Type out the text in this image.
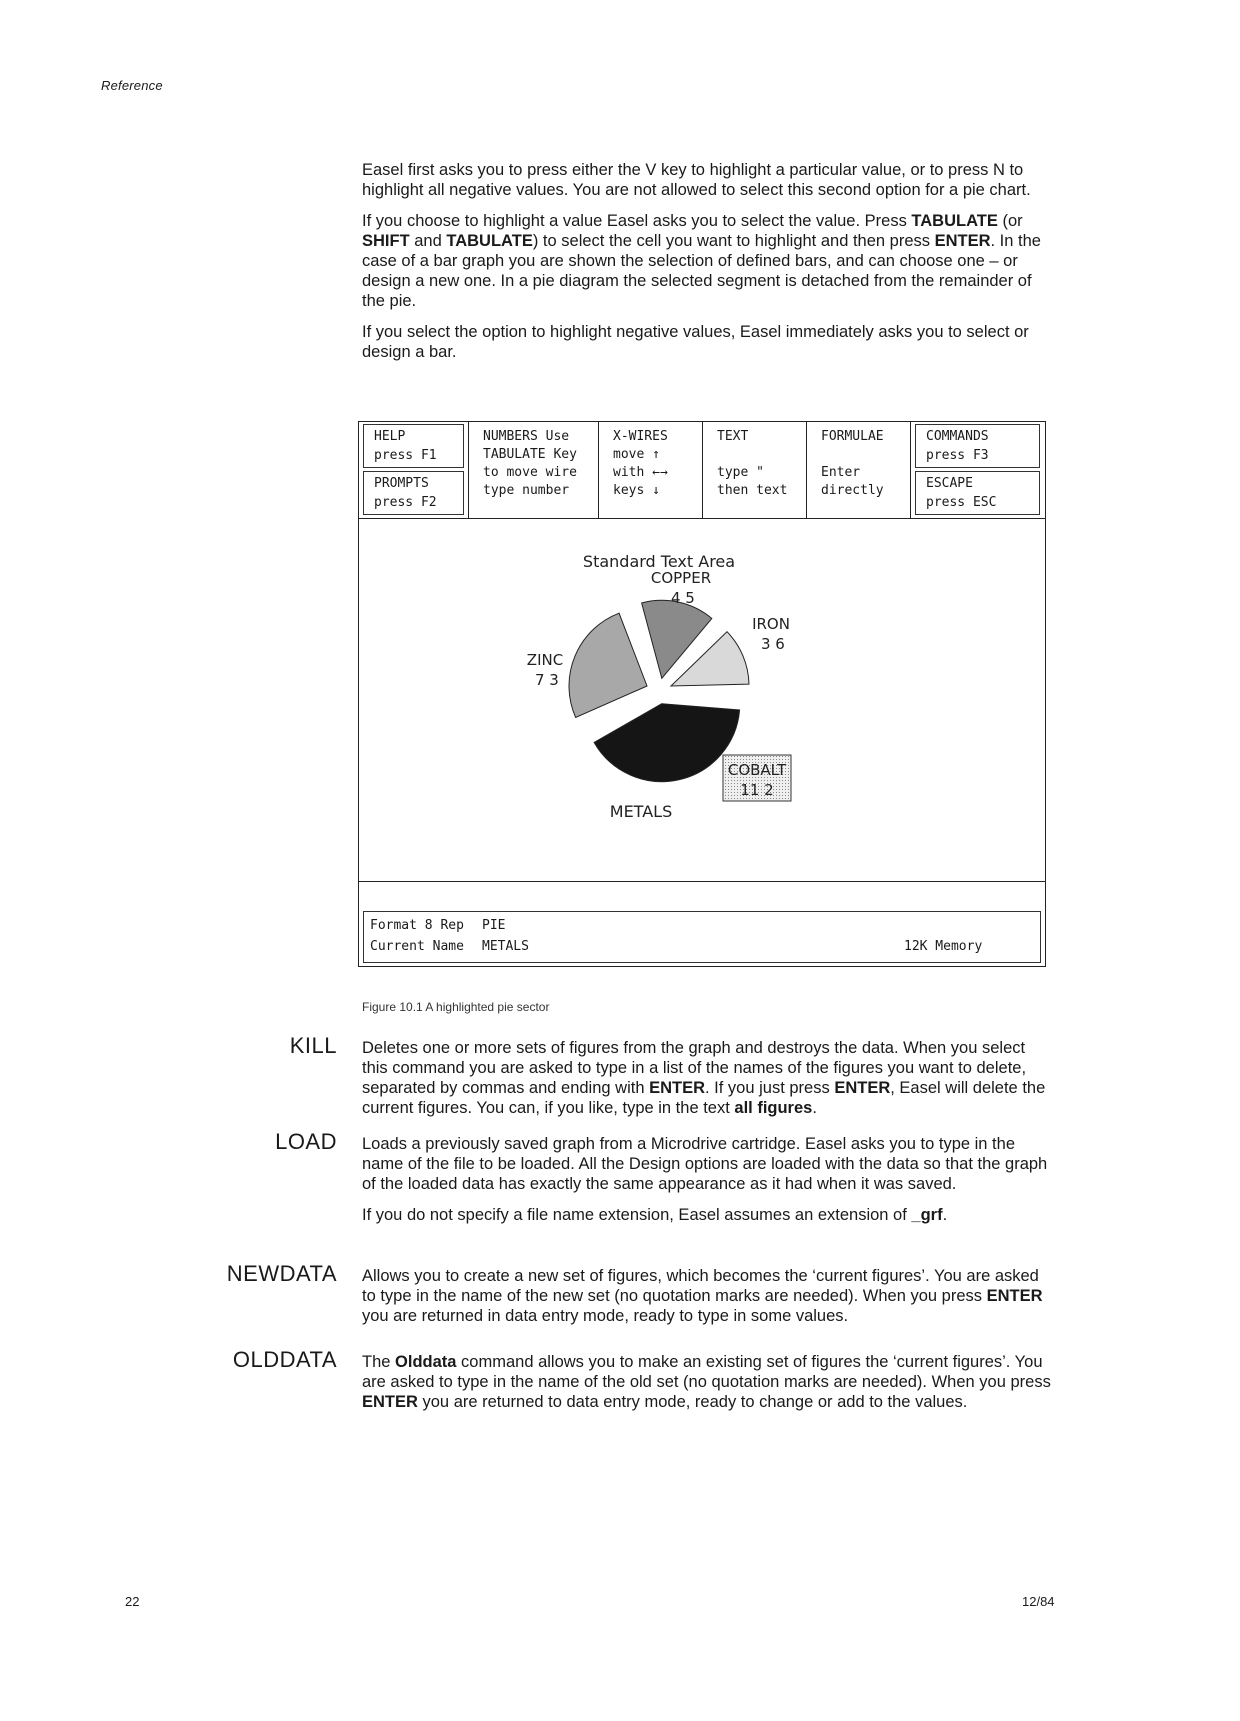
Reference

Easel first asks you to press either the V key to highlight a particular value, or to press N to highlight all negative values. You are not allowed to select this second option for a pie chart.

If you choose to highlight a value Easel asks you to select the value. Press TABULATE (or SHIFT and TABULATE) to select the cell you want to highlight and then press ENTER. In the case of a bar graph you are shown the selection of defined bars, and can choose one – or design a new one. In a pie diagram the selected segment is detached from the remainder of the pie.

If you select the option to highlight negative values, Easel immediately asks you to select or design a bar.

HELP
press F1
PROMPTS
press F2
NUMBERS Use
TABULATE Key
to move wire
type number
X-WIRES
move ↑
with ←→
keys ↓
TEXT
type "
then text
FORMULAE
Enter
directly
COMMANDS
press F3
ESCAPE
press ESC
Standard Text Area
COPPER
4 5
IRON
3 6
COBALT
11 2
ZINC
7 3
METALS
Format 8 Rep PIE
Current Name METALS	12K Memory
Figure 10.1 A highlighted pie sector
KILL Deletes one or more sets of figures from the graph and destroys the data. When you select this command you are asked to type in a list of the names of the figures you want to delete, separated by commas and ending with ENTER. If you just press ENTER, Easel will delete the current figures. You can, if you like, type in the text all figures.

LOAD Loads a previously saved graph from a Microdrive cartridge. Easel asks you to type in the name of the file to be loaded. All the Design options are loaded with the data so that the graph of the loaded data has exactly the same appearance as it had when it was saved.

If you do not specify a file name extension, Easel assumes an extension of _grf.

NEWDATA Allows you to create a new set of figures, which becomes the ‘current figures’. You are asked to type in the name of the new set (no quotation marks are needed). When you press ENTER you are returned in data entry mode, ready to type in some values.

OLDDATA The Olddata command allows you to make an existing set of figures the ‘current figures’. You are asked to type in the name of the old set (no quotation marks are needed). When you press ENTER you are returned to data entry mode, ready to change or add to the values.

22	12/84
